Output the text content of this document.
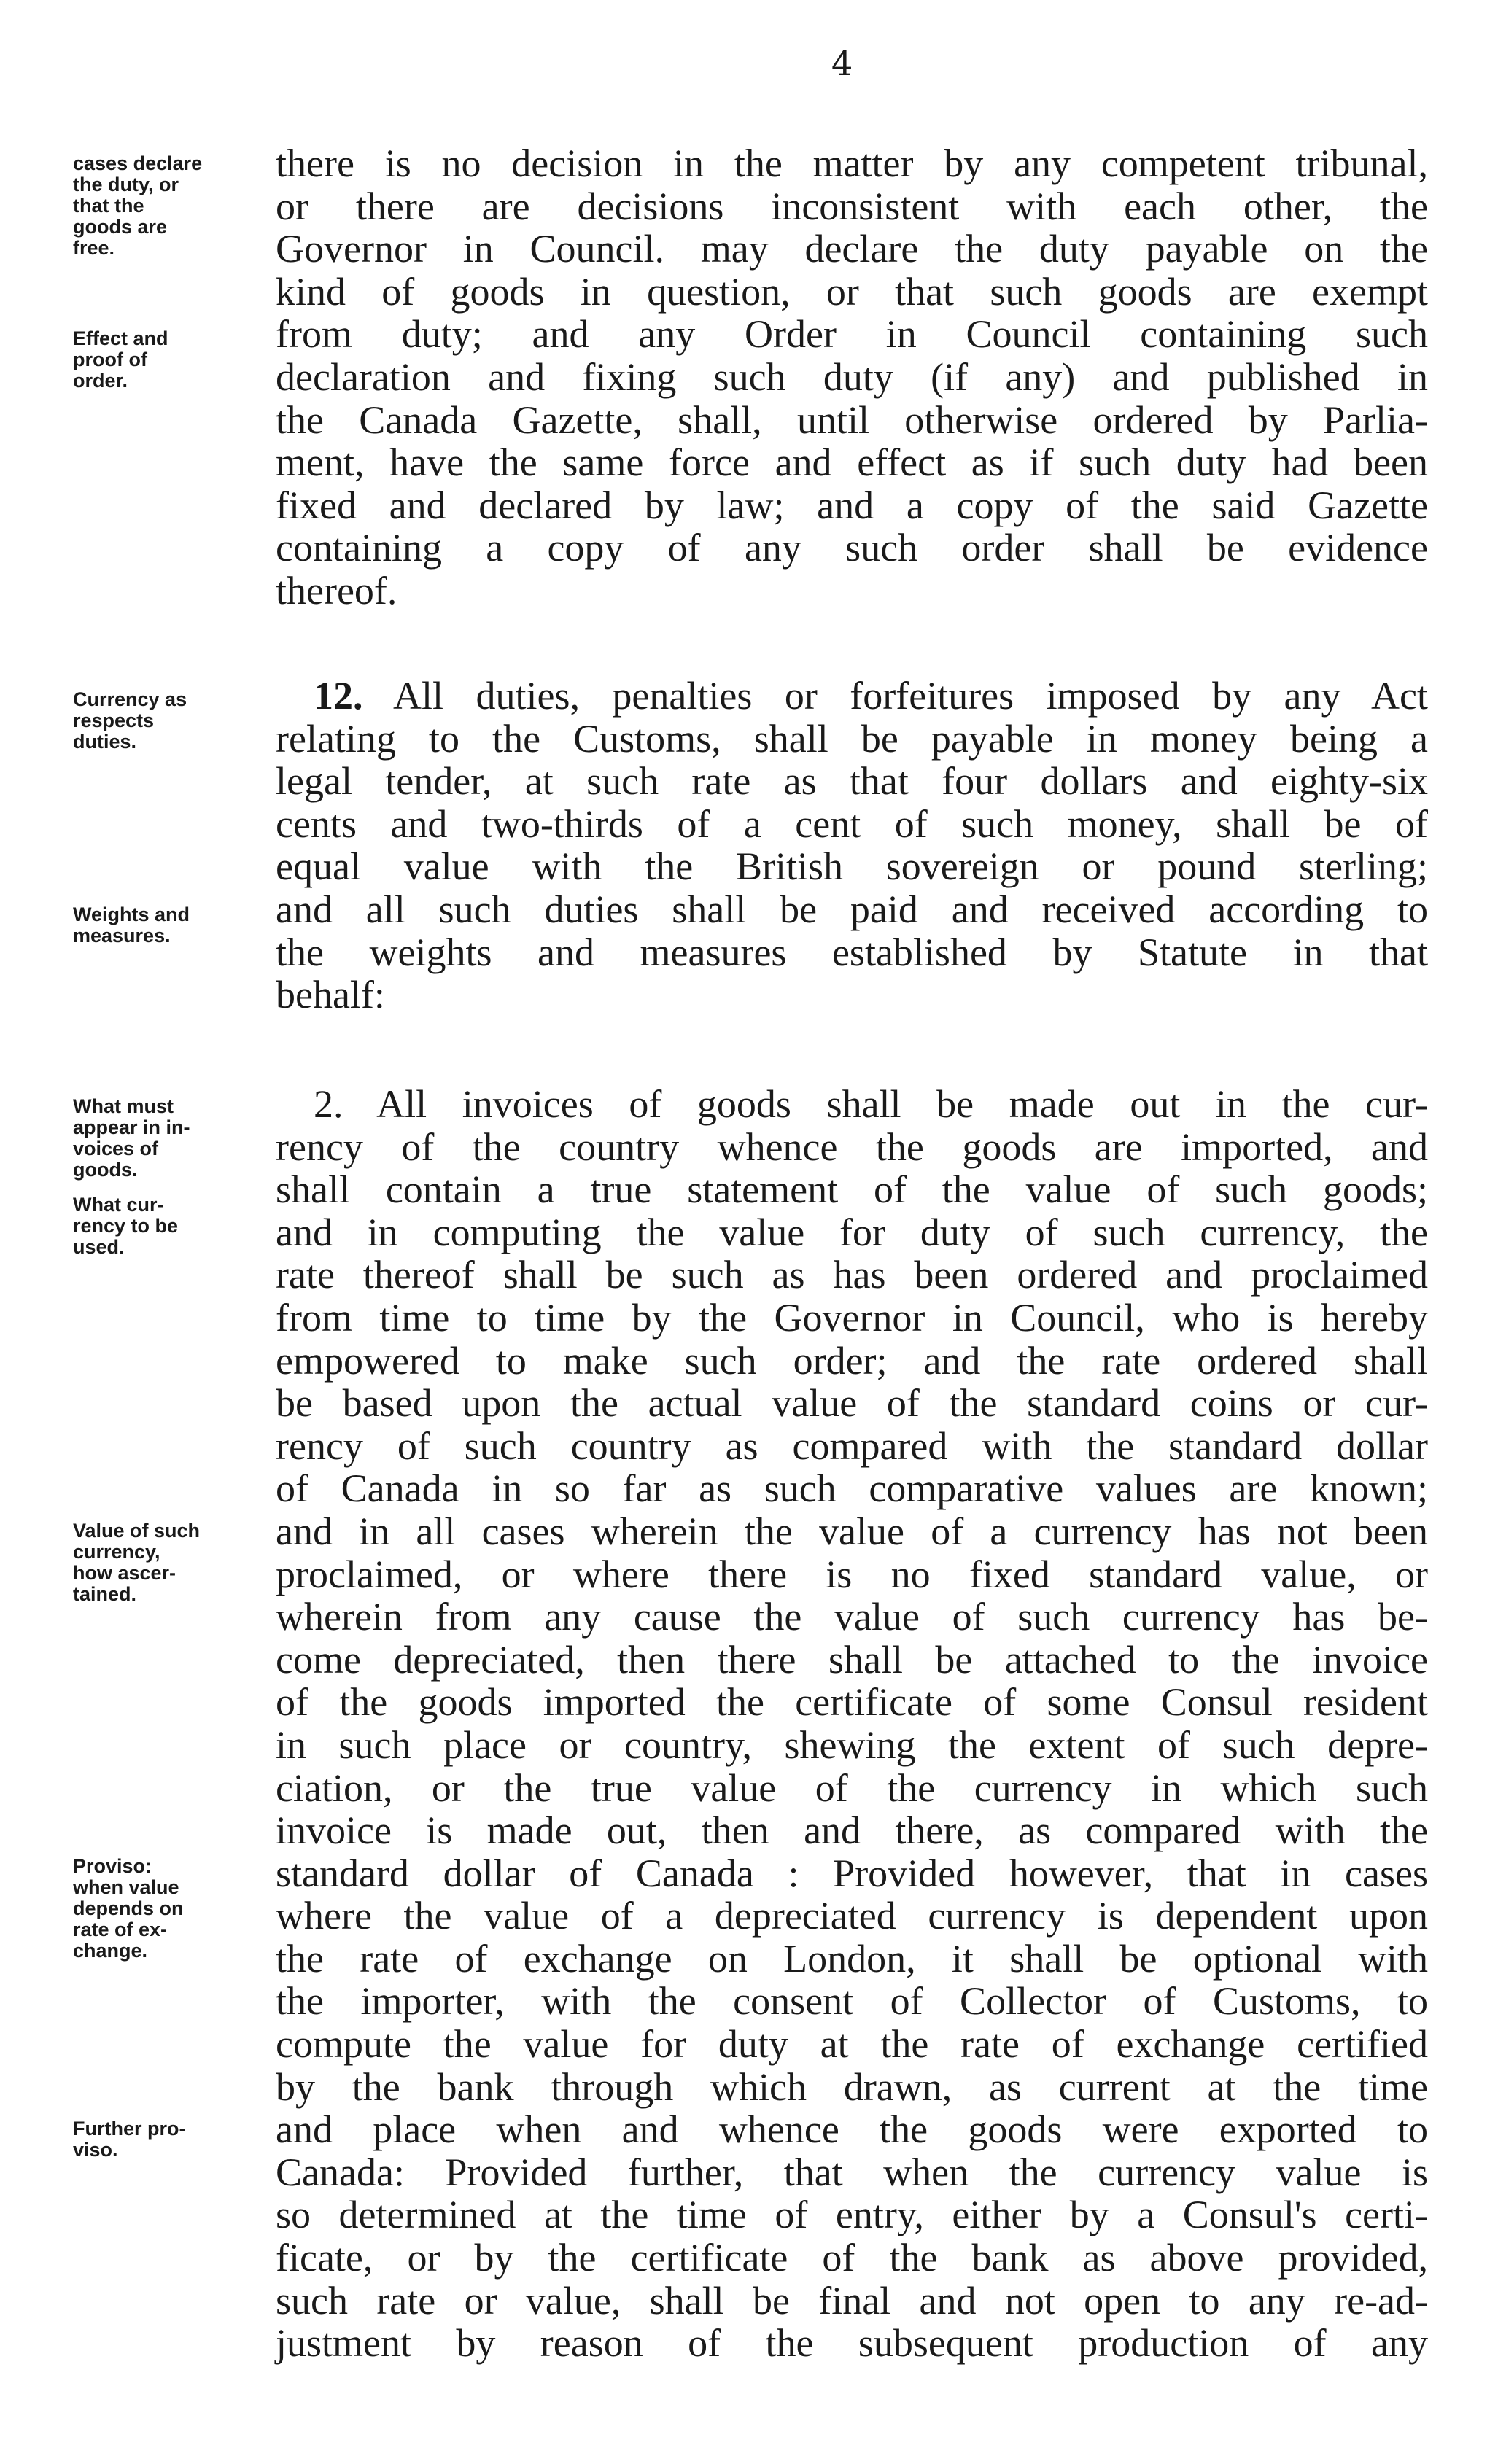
4
cases declare
the duty, or
that the
goods are
free.
Effect and
proof of
order.
Currency as
respects
duties.
Weights and
measures.
What must
appear in in-
voices of
goods.
What cur-
rency to be
used.
Value of such
currency,
how ascer-
tained.
Proviso:
when value
depends on
rate of ex-
change.
Further pro-
viso.
there is no decision in the matter by any competent tribunal,
or there are decisions inconsistent with each other, the
Governor in Council. may declare the duty payable on the
kind of goods in question, or that such goods are exempt
from duty; and any Order in Council containing such
declaration and fixing such duty (if any) and published in
the Canada Gazette, shall, until otherwise ordered by Parlia-
ment, have the same force and effect as if such duty had been
fixed and declared by law; and a copy of the said Gazette
containing a copy of any such order shall be evidence
thereof.
12. All duties, penalties or forfeitures imposed by any Act
relating to the Customs, shall be payable in money being a
legal tender, at such rate as that four dollars and eighty-six
cents and two-thirds of a cent of such money, shall be of
equal value with the British sovereign or pound sterling;
and all such duties shall be paid and received according to
the weights and measures established by Statute in that
behalf:
2. All invoices of goods shall be made out in the cur-
rency of the country whence the goods are imported, and
shall contain a true statement of the value of such goods;
and in computing the value for duty of such currency, the
rate thereof shall be such as has been ordered and proclaimed
from time to time by the Governor in Council, who is hereby
empowered to make such order; and the rate ordered shall
be based upon the actual value of the standard coins or cur-
rency of such country as compared with the standard dollar
of Canada in so far as such comparative values are known;
and in all cases wherein the value of a currency has not been
proclaimed, or where there is no fixed standard value, or
wherein from any cause the value of such currency has be-
come depreciated, then there shall be attached to the invoice
of the goods imported the certificate of some Consul resident
in such place or country, shewing the extent of such depre-
ciation, or the true value of the currency in which such
invoice is made out, then and there, as compared with the
standard dollar of Canada : Provided however, that in cases
where the value of a depreciated currency is dependent upon
the rate of exchange on London, it shall be optional with
the importer, with the consent of Collector of Customs, to
compute the value for duty at the rate of exchange certified
by the bank through which drawn, as current at the time
and place when and whence the goods were exported to
Canada: Provided further, that when the currency value is
so determined at the time of entry, either by a Consul's certi-
ficate, or by the certificate of the bank as above provided,
such rate or value, shall be final and not open to any re-ad-
justment by reason of the subsequent production of any
